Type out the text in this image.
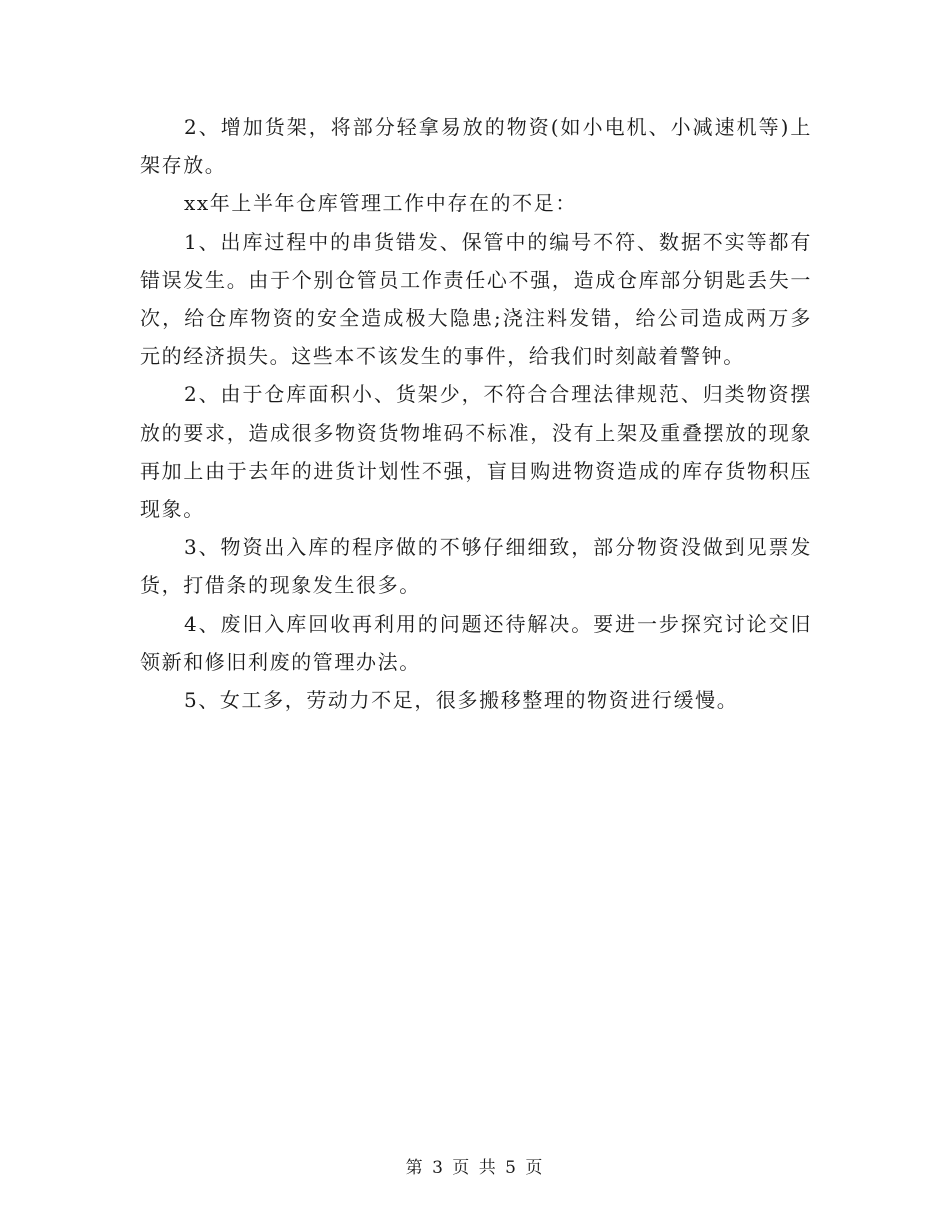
2、增加货架，将部分轻拿易放的物资(如小电机、小减速机等)上架存放。

xx年上半年仓库管理工作中存在的不足：

1、出库过程中的串货错发、保管中的编号不符、数据不实等都有错误发生。由于个别仓管员工作责任心不强，造成仓库部分钥匙丢失一次，给仓库物资的安全造成极大隐患;浇注料发错，给公司造成两万多元的经济损失。这些本不该发生的事件，给我们时刻敲着警钟。

2、由于仓库面积小、货架少，不符合合理法律规范、归类物资摆放的要求，造成很多物资货物堆码不标准，没有上架及重叠摆放的现象再加上由于去年的进货计划性不强，盲目购进物资造成的库存货物积压现象。

3、物资出入库的程序做的不够仔细细致，部分物资没做到见票发货，打借条的现象发生很多。

4、废旧入库回收再利用的问题还待解决。要进一步探究讨论交旧领新和修旧利废的管理办法。

5、女工多，劳动力不足，很多搬移整理的物资进行缓慢。

第 3 页 共 5 页
